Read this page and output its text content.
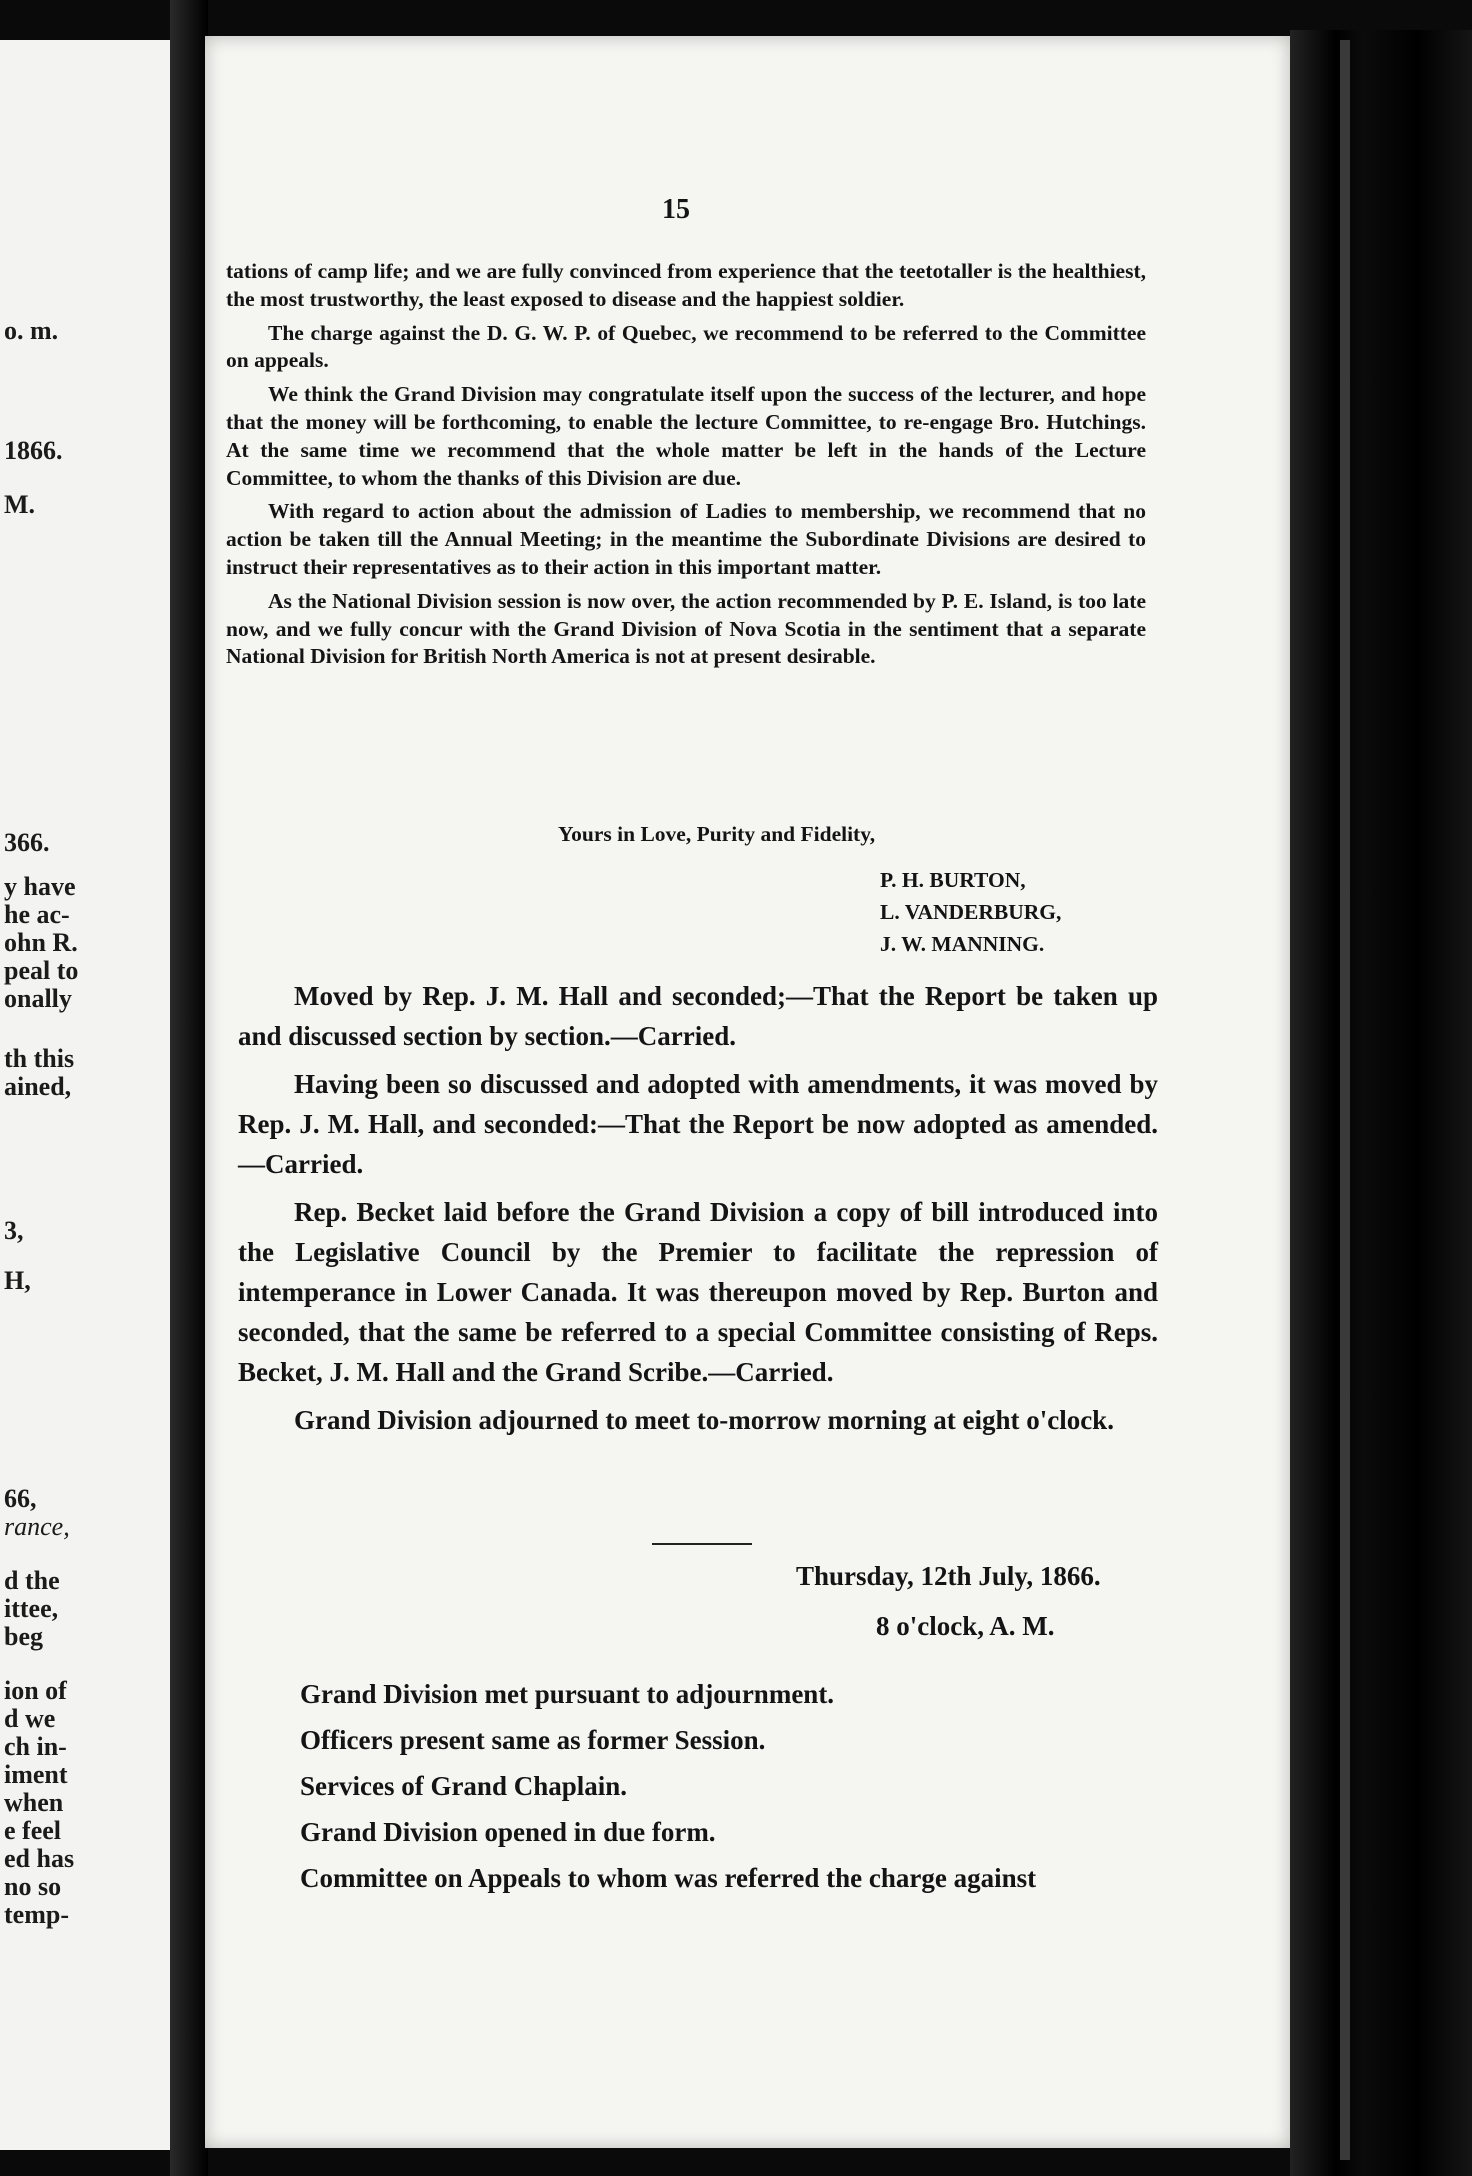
o. m.
1866.
M.
366.
y have
he ac-
ohn R.
peal to
onally
th this
ained,
3,
H,
66,
rance,
d the
ittee,
beg
ion of
d we
ch in-
iment
when
e feel
ed has
no so
temp-
15

tations of camp life; and we are fully convinced from experience that the teetotaller is the healthiest, the most trustworthy, the least exposed to disease and the happiest soldier.

The charge against the D. G. W. P. of Quebec, we recommend to be referred to the Committee on appeals.

We think the Grand Division may congratulate itself upon the success of the lecturer, and hope that the money will be forthcoming, to enable the lecture Committee, to re-engage Bro. Hutchings. At the same time we recommend that the whole matter be left in the hands of the Lecture Committee, to whom the thanks of this Division are due.

With regard to action about the admission of Ladies to membership, we recommend that no action be taken till the Annual Meeting; in the meantime the Subordinate Divisions are desired to instruct their representatives as to their action in this important matter.

As the National Division session is now over, the action recommended by P. E. Island, is too late now, and we fully concur with the Grand Division of Nova Scotia in the sentiment that a separate National Division for British North America is not at present desirable.

Yours in Love, Purity and Fidelity,
P. H. BURTON,
L. VANDERBURG,
J. W. MANNING.

Moved by Rep. J. M. Hall and seconded;—That the Report be taken up and discussed section by section.—Carried.

Having been so discussed and adopted with amendments, it was moved by Rep. J. M. Hall, and seconded:—That the Report be now adopted as amended.—Carried.

Rep. Becket laid before the Grand Division a copy of bill introduced into the Legislative Council by the Premier to facilitate the repression of intemperance in Lower Canada. It was thereupon moved by Rep. Burton and seconded, that the same be referred to a special Committee consisting of Reps. Becket, J. M. Hall and the Grand Scribe.—Carried.

Grand Division adjourned to meet to-morrow morning at eight o'clock.

Thursday, 12th July, 1866.
8 o'clock, A. M.
Grand Division met pursuant to adjournment.
Officers present same as former Session.
Services of Grand Chaplain.
Grand Division opened in due form.
Committee on Appeals to whom was referred the charge against
